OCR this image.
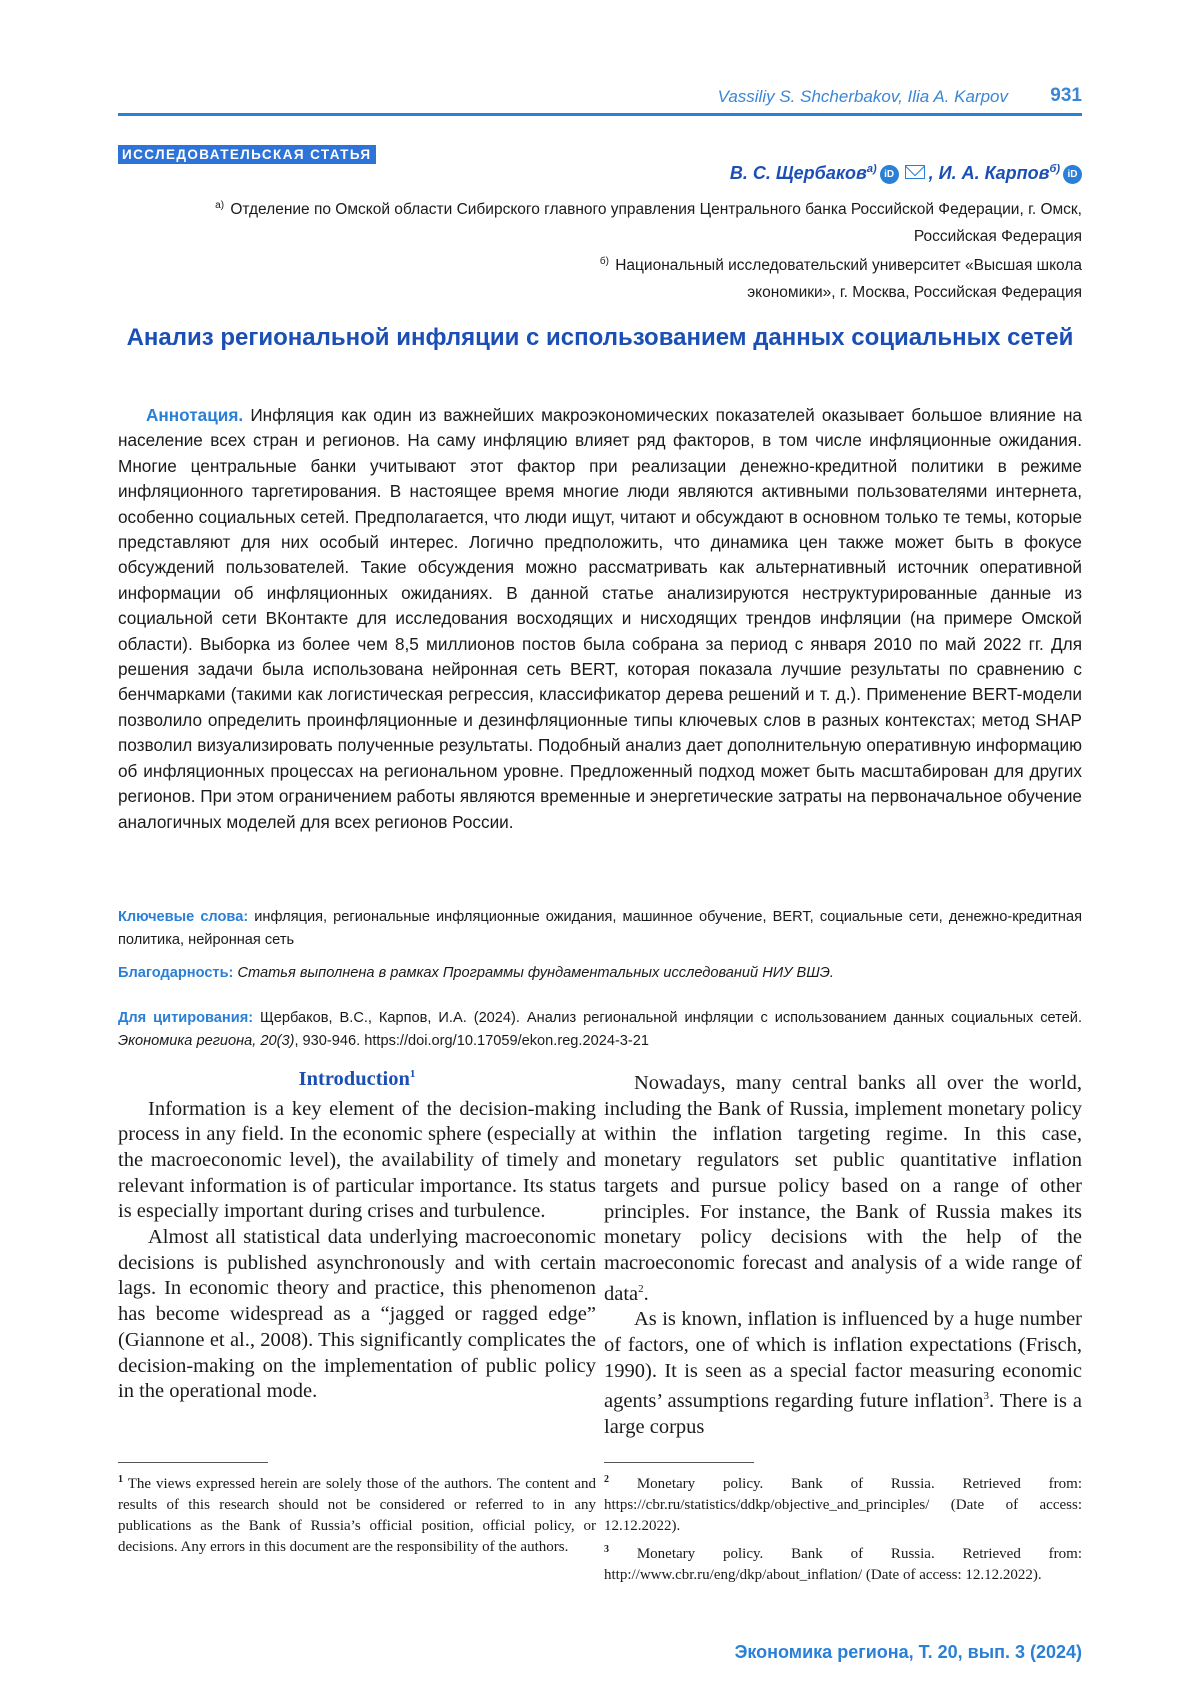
Vassiliy S. Shcherbakov, Ilia A. Karpov 931
ИССЛЕДОВАТЕЛЬСКАЯ СТАТЬЯ
В. С. Щербаков$^{а)}$ iD , И. А. Карпов$^{б)}$ iD
$^{а)}$ Отделение по Омской области Сибирского главного управления Центрального банка Российской Федерации, г. Омск, Российская Федерация
$^{б)}$ Национальный исследовательский университет «Высшая школа экономики», г. Москва, Российская Федерация
Анализ региональной инфляции с использованием данных социальных сетей
Аннотация. Инфляция как один из важнейших макроэкономических показателей оказывает большое влияние на население всех стран и регионов. На саму инфляцию влияет ряд факторов, в том числе инфляционные ожидания. Многие центральные банки учитывают этот фактор при реализации денежно-кредитной политики в режиме инфляционного таргетирования. В настоящее время многие люди являются активными пользователями интернета, особенно социальных сетей. Предполагается, что люди ищут, читают и обсуждают в основном только те темы, которые представляют для них особый интерес. Логично предположить, что динамика цен также может быть в фокусе обсуждений пользователей. Такие обсуждения можно рассматривать как альтернативный источник оперативной информации об инфляционных ожиданиях. В данной статье анализируются неструктурированные данные из социальной сети ВКонтакте для исследования восходящих и нисходящих трендов инфляции (на примере Омской области). Выборка из более чем 8,5 миллионов постов была собрана за период с января 2010 по май 2022 гг. Для решения задачи была использована нейронная сеть BERT, которая показала лучшие результаты по сравнению с бенчмарками (такими как логистическая регрессия, классификатор дерева решений и т. д.). Применение BERT-модели позволило определить проинфляционные и дезинфляционные типы ключевых слов в разных контекстах; метод SHAP позволил визуализировать полученные результаты. Подобный анализ дает дополнительную оперативную информацию об инфляционных процессах на региональном уровне. Предложенный подход может быть масштабирован для других регионов. При этом ограничением работы являются временные и энергетические затраты на первоначальное обучение аналогичных моделей для всех регионов России.
Ключевые слова: инфляция, региональные инфляционные ожидания, машинное обучение, BERT, социальные сети, денежно-кредитная политика, нейронная сеть
Благодарность: Статья выполнена в рамках Программы фундаментальных исследований НИУ ВШЭ.
Для цитирования: Щербаков, В.С., Карпов, И.А. (2024). Анализ региональной инфляции с использованием данных социальных сетей. Экономика региона, 20(3), 930-946. https://doi.org/10.17059/ekon.reg.2024-3-21

Introduction$^1$

Information is a key element of the decision-making process in any field. In the economic sphere (especially at the macroeconomic level), the availability of timely and relevant information is of particular importance. Its status is especially important during crises and turbulence.

Almost all statistical data underlying macroeconomic decisions is published asynchronously and with certain lags. In economic theory and practice, this phenomenon has become widespread as a “jagged or ragged edge” (Giannone et al., 2008). This significantly complicates the decision-making on the implementation of public policy in the operational mode.

Nowadays, many central banks all over the world, including the Bank of Russia, implement monetary policy within the inflation targeting regime. In this case, monetary regulators set public quantitative inflation targets and pursue policy based on a range of other principles. For instance, the Bank of Russia makes its monetary policy decisions with the help of the macroeconomic forecast and analysis of a wide range of data$^2$.

As is known, inflation is influenced by a huge number of factors, one of which is inflation expectations (Frisch, 1990). It is seen as a special factor measuring economic agents’ assumptions regarding future inflation$^3$. There is a large corpus

$^1$ The views expressed herein are solely those of the authors. The content and results of this research should not be considered or referred to in any publications as the Bank of Russia’s official position, official policy, or decisions. Any errors in this document are the responsibility of the authors.

$^2$ Monetary policy. Bank of Russia. Retrieved from: https://cbr.ru/statistics/ddkp/objective_and_principles/ (Date of access: 12.12.2022).

$^3$ Monetary policy. Bank of Russia. Retrieved from: http://www.cbr.ru/eng/dkp/about_inflation/ (Date of access: 12.12.2022).

Экономика региона, Т. 20, вып. 3 (2024)
